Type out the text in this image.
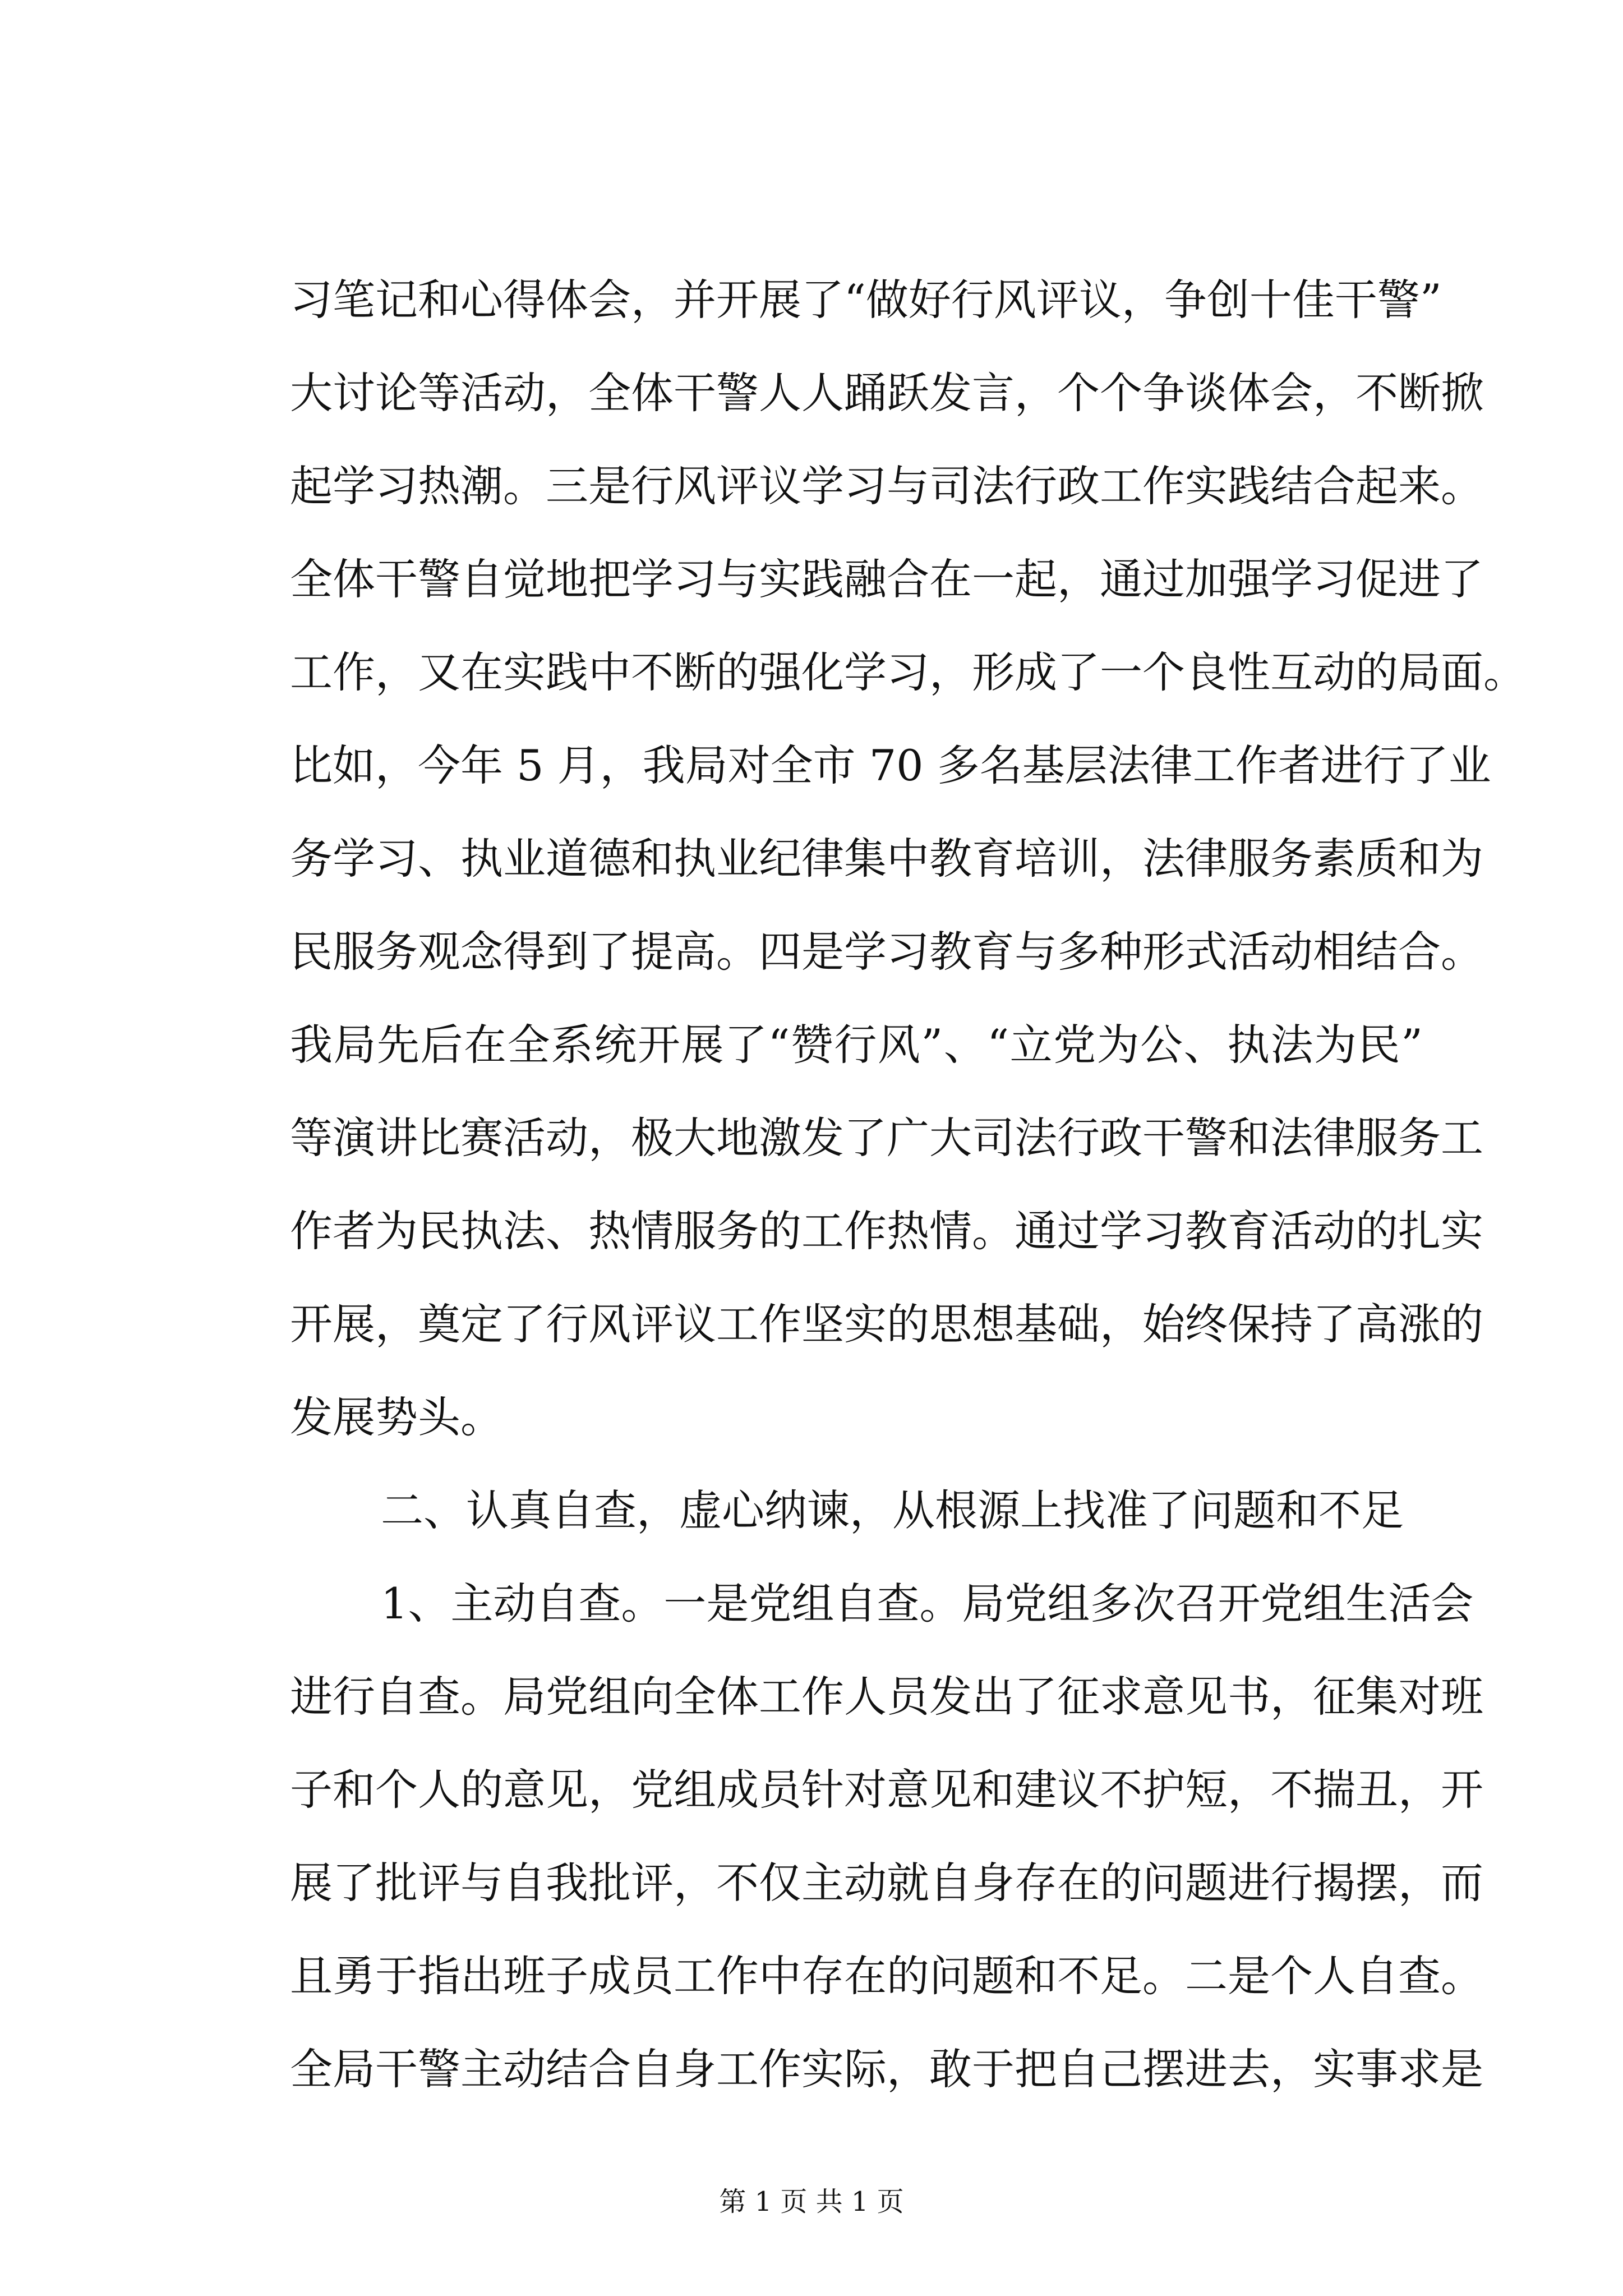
习笔记和心得体会，并开展了“做好行风评议，争创十佳干警”
大讨论等活动，全体干警人人踊跃发言，个个争谈体会，不断掀
起学习热潮。三是行风评议学习与司法行政工作实践结合起来。
全体干警自觉地把学习与实践融合在一起，通过加强学习促进了
工作，又在实践中不断的强化学习，形成了一个良性互动的局面。
比如，今年 5 月，我局对全市 70 多名基层法律工作者进行了业
务学习、执业道德和执业纪律集中教育培训，法律服务素质和为
民服务观念得到了提高。四是学习教育与多种形式活动相结合。
我局先后在全系统开展了“赞行风”、“立党为公、执法为民”
等演讲比赛活动，极大地激发了广大司法行政干警和法律服务工
作者为民执法、热情服务的工作热情。通过学习教育活动的扎实
开展，奠定了行风评议工作坚实的思想基础，始终保持了高涨的
发展势头。
二、认真自查，虚心纳谏，从根源上找准了问题和不足
1、主动自查。一是党组自查。局党组多次召开党组生活会
进行自查。局党组向全体工作人员发出了征求意见书，征集对班
子和个人的意见，党组成员针对意见和建议不护短，不揣丑，开
展了批评与自我批评，不仅主动就自身存在的问题进行揭摆，而
且勇于指出班子成员工作中存在的问题和不足。二是个人自查。
全局干警主动结合自身工作实际，敢于把自己摆进去，实事求是
第 1 页 共 1 页
